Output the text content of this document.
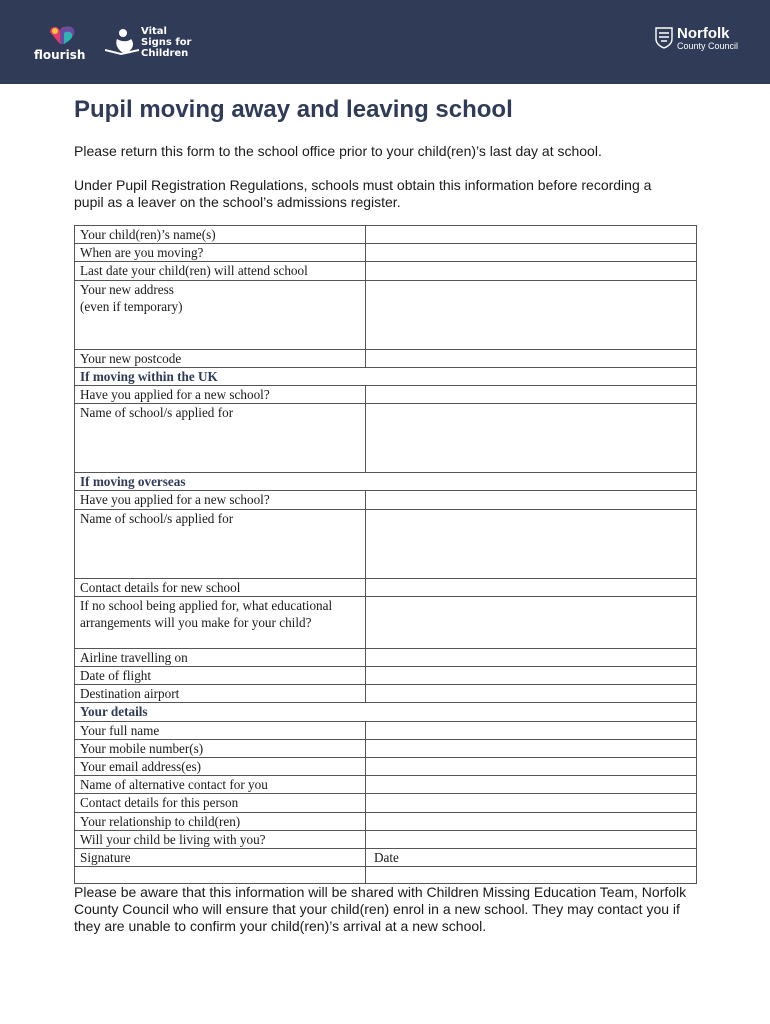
flourish
Vital
Signs for
Children
Norfolk
County Council
Pupil moving away and leaving school

Please return this form to the school office prior to your child(ren)’s last day at school.

Under Pupil Registration Regulations, schools must obtain this information before recording a pupil as a leaver on the school’s admissions register.

Your child(ren)’s name(s)	
When are you moving?	
Last date your child(ren) will attend school	
Your new address
(even if temporary)	
Your new postcode	
If moving within the UK	
Have you applied for a new school?	
Name of school/s applied for	
If moving overseas	
Have you applied for a new school?	
Name of school/s applied for	
Contact details for new school	
If no school being applied for, what educational arrangements will you make for your child?	
Airline travelling on	
Date of flight	
Destination airport	
Your details	
Your full name	
Your mobile number(s)	
Your email address(es)	
Name of alternative contact for you	
Contact details for this person	
Your relationship to child(ren)	
Will your child be living with you?	
Signature	Date

Please be aware that this information will be shared with Children Missing Education Team, Norfolk County Council who will ensure that your child(ren) enrol in a new school. They may contact you if they are unable to confirm your child(ren)’s arrival at a new school.
